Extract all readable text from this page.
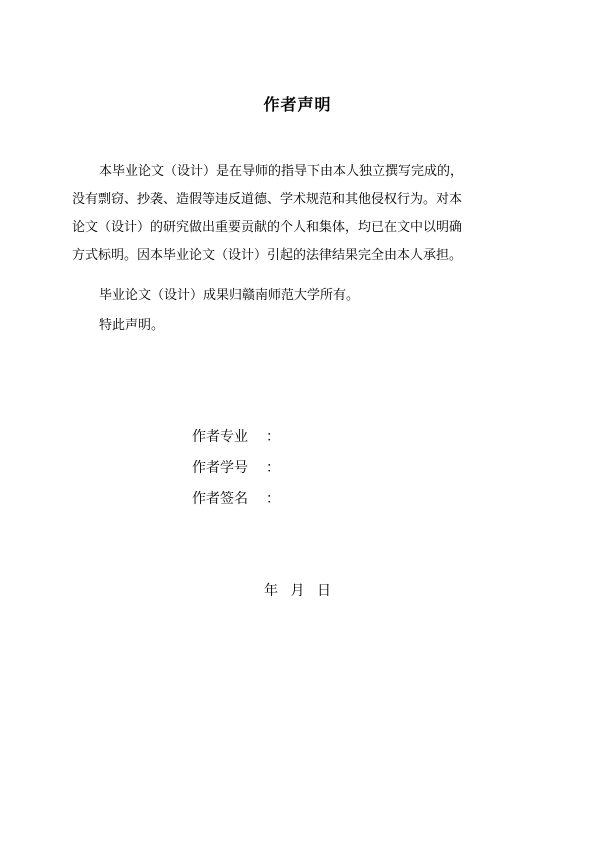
作者声明
本毕业论文（设计）是在导师的指导下由本人独立撰写完成的，
没有剽窃、抄袭、造假等违反道德、学术规范和其他侵权行为。对本
论文（设计）的研究做出重要贡献的个人和集体，均已在文中以明确
方式标明。因本毕业论文（设计）引起的法律结果完全由本人承担。
毕业论文（设计）成果归赣南师范大学所有。
特此声明。
作者专业 ：
作者学号 ：
作者签名 ：
年 月 日
